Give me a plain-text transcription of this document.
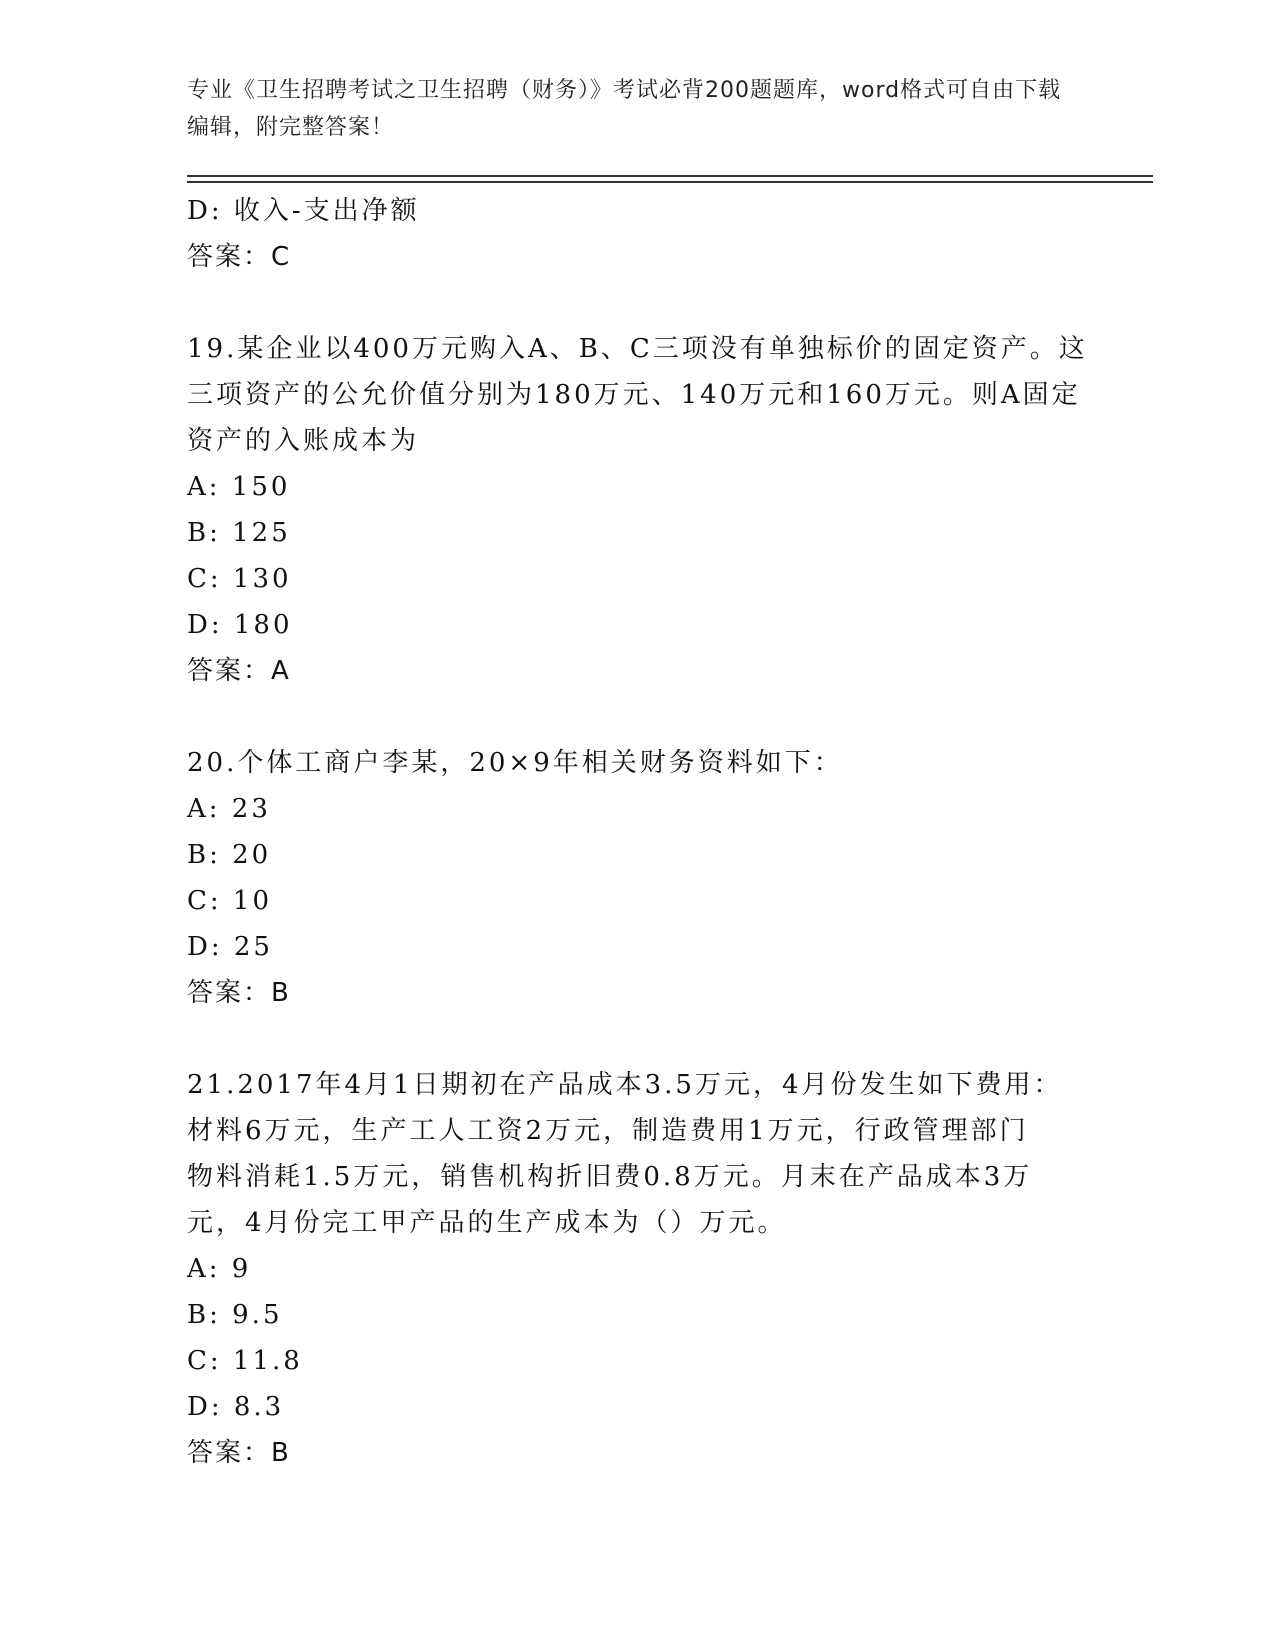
专业《卫生招聘考试之卫生招聘（财务）》考试必背200题题库，word格式可自由下载编辑，附完整答案！
D: 收入-支出净额
答案：C
19.某企业以400万元购入A、B、C三项没有单独标价的固定资产。这
三项资产的公允价值分别为180万元、140万元和160万元。则A固定
资产的入账成本为
A: 150
B: 125
C: 130
D: 180
答案：A
20.个体工商户李某，20×9年相关财务资料如下：
A: 23
B: 20
C: 10
D: 25
答案：B
21.2017年4月1日期初在产品成本3.5万元，4月份发生如下费用：
材料6万元，生产工人工资2万元，制造费用1万元，行政管理部门
物料消耗1.5万元，销售机构折旧费0.8万元。月末在产品成本3万
元，4月份完工甲产品的生产成本为（）万元。
A: 9
B: 9.5
C: 11.8
D: 8.3
答案：B
